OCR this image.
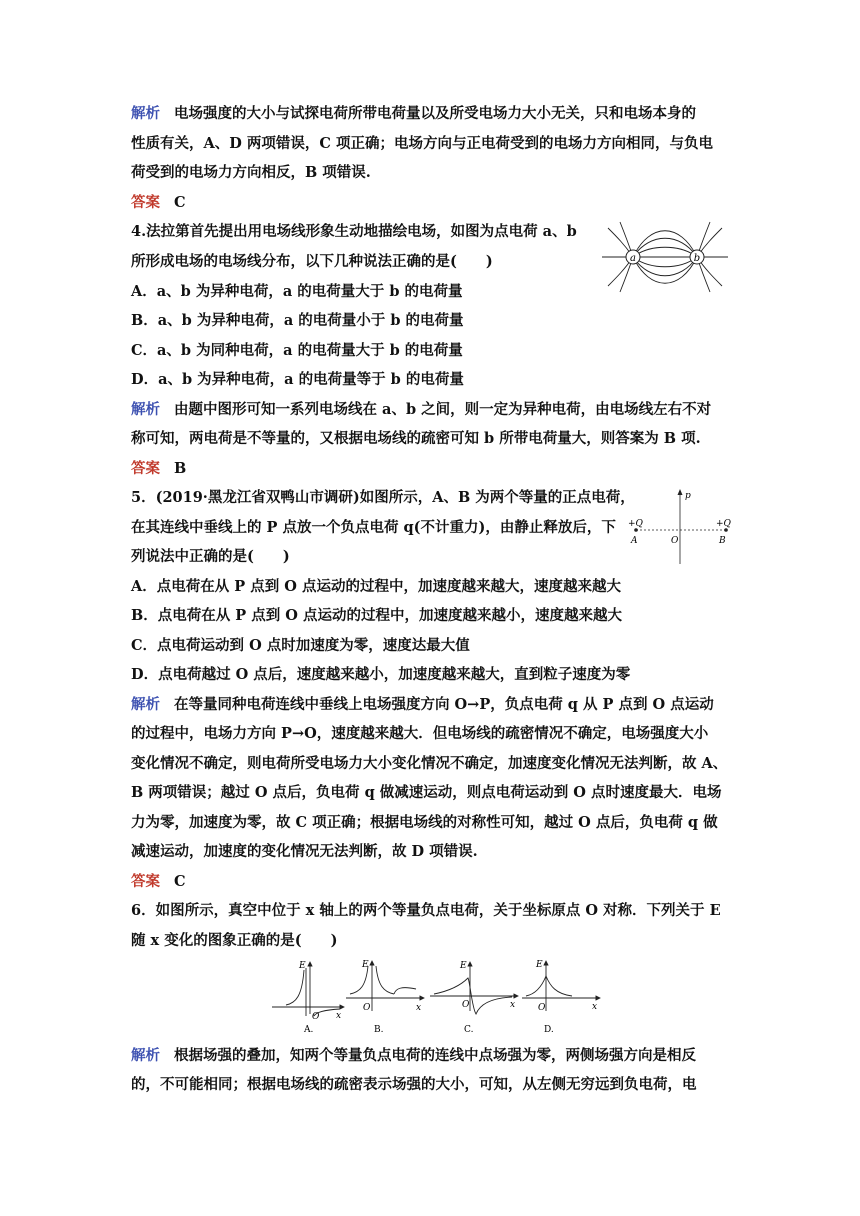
解析 电场强度的大小与试探电荷所带电荷量以及所受电场力大小无关，只和电场本身的
性质有关，A、D 两项错误，C 项正确；电场方向与正电荷受到的电场力方向相同，与负电
荷受到的电场力方向相反，B 项错误.
答案 C
4.法拉第首先提出用电场线形象生动地描绘电场，如图为点电荷 a、b
所形成电场的电场线分布，以下几种说法正确的是(　　)
A．a、b 为异种电荷，a 的电荷量大于 b 的电荷量
B．a、b 为异种电荷，a 的电荷量小于 b 的电荷量
C．a、b 为同种电荷，a 的电荷量大于 b 的电荷量
D．a、b 为异种电荷，a 的电荷量等于 b 的电荷量
解析 由题中图形可知一系列电场线在 a、b 之间，则一定为异种电荷，由电场线左右不对
称可知，两电荷是不等量的，又根据电场线的疏密可知 b 所带电荷量大，则答案为 B 项.
答案 B
a	b
5．(2019·黑龙江省双鸭山市调研)如图所示，A、B 为两个等量的正点电荷，
在其连线中垂线上的 P 点放一个负点电荷 q(不计重力)，由静止释放后，下
列说法中正确的是(　　)
A．点电荷在从 P 点到 O 点运动的过程中，加速度越来越大，速度越来越大
B．点电荷在从 P 点到 O 点运动的过程中，加速度越来越小，速度越来越大
C．点电荷运动到 O 点时加速度为零，速度达最大值
D．点电荷越过 O 点后，速度越来越小，加速度越来越大，直到粒子速度为零
解析 在等量同种电荷连线中垂线上电场强度方向 O→P，负点电荷 q 从 P 点到 O 点运动
的过程中，电场力方向 P→O，速度越来越大．但电场线的疏密情况不确定，电场强度大小
变化情况不确定，则电荷所受电场力大小变化情况不确定，加速度变化情况无法判断，故 A、
B 两项错误；越过 O 点后，负电荷 q 做减速运动，则点电荷运动到 O 点时速度最大．电场
力为零，加速度为零，故 C 项正确；根据电场线的对称性可知，越过 O 点后，负电荷 q 做
减速运动，加速度的变化情况无法判断，故 D 项错误.
答案 C
p
+Q	+Q
A	O	B
6．如图所示，真空中位于 x 轴上的两个等量负点电荷，关于坐标原点 O 对称．下列关于 E
随 x 变化的图象正确的是(　　)
E
x
O
E
x
O
E
x
O
E
x
O
A.	B.	C.	D.
解析 根据场强的叠加，知两个等量负点电荷的连线中点场强为零，两侧场强方向是相反
的，不可能相同；根据电场线的疏密表示场强的大小，可知，从左侧无穷远到负电荷，电
